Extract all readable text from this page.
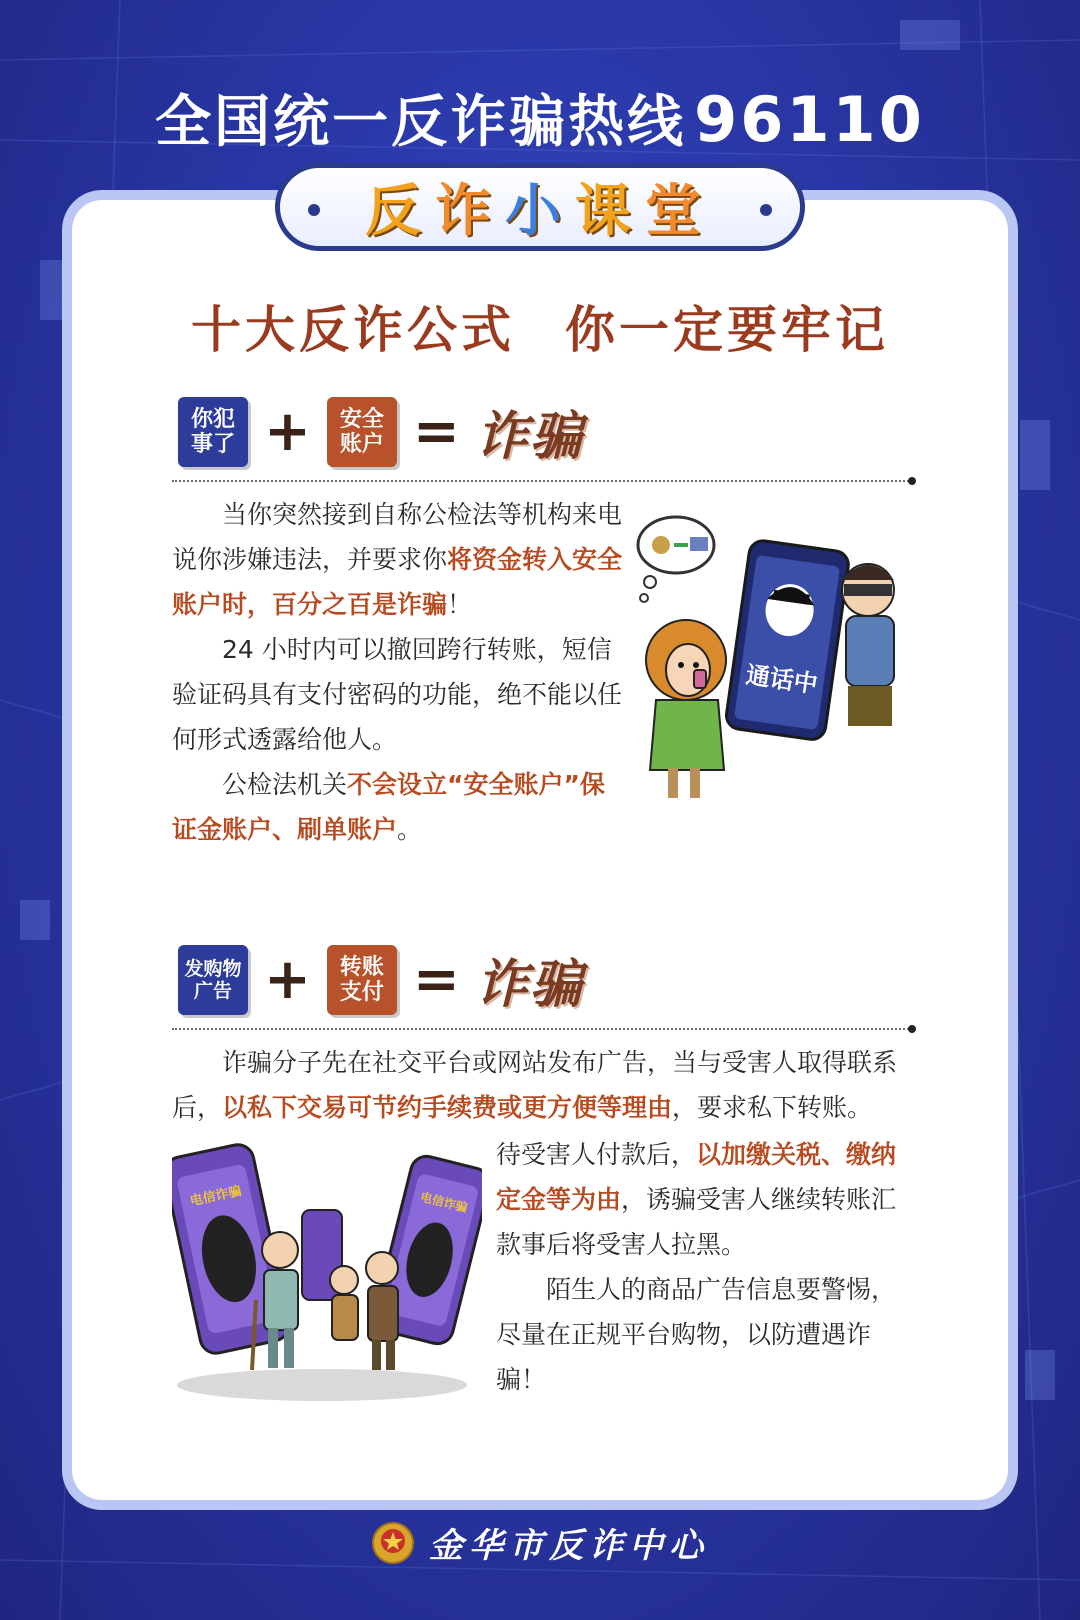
全国统一反诈骗热线 96110
反诈小课堂
十大反诈公式 你一定要牢记
你犯事了 +	安全账户 = 诈骗

当你突然接到自称公检法等机构来电说你涉嫌违法，并要求你将资金转入安全账户时，百分之百是诈骗！

24 小时内可以撤回跨行转账，短信验证码具有支付密码的功能，绝不能以任何形式透露给他人。

公检法机关不会设立“安全账户”保证金账户、刷单账户。

通话中
发购物广告 +	转账支付 = 诈骗

诈骗分子先在社交平台或网站发布广告，当与受害人取得联系后，以私下交易可节约手续费或更方便等理由，要求私下转账。

待受害人付款后，以加缴关税、缴纳定金等为由，诱骗受害人继续转账汇款事后将受害人拉黑。

陌生人的商品广告信息要警惕，尽量在正规平台购物，以防遭遇诈骗！

电信诈骗	电信诈骗
金华市反诈中心
